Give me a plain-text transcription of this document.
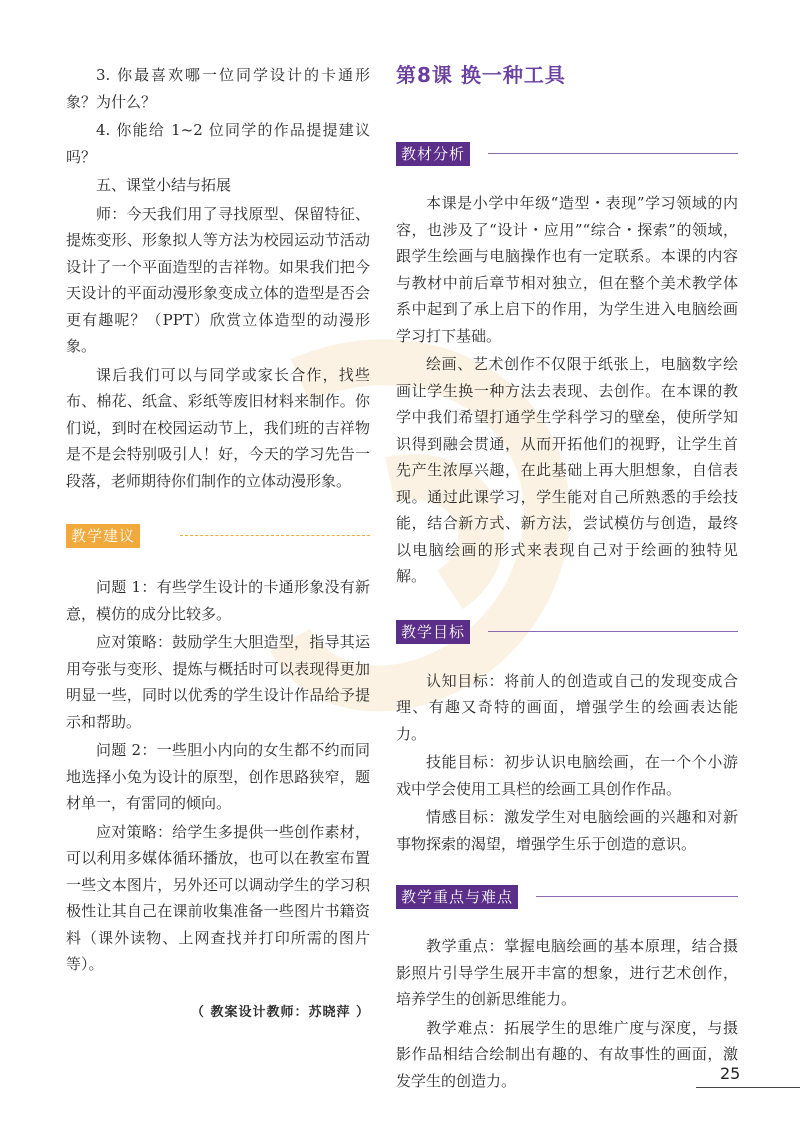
3. 你最喜欢哪一位同学设计的卡通形象？为什么？

4. 你能给 1~2 位同学的作品提提建议吗？

五、课堂小结与拓展

师：今天我们用了寻找原型、保留特征、提炼变形、形象拟人等方法为校园运动节活动设计了一个平面造型的吉祥物。如果我们把今天设计的平面动漫形象变成立体的造型是否会更有趣呢？（PPT）欣赏立体造型的动漫形象。

课后我们可以与同学或家长合作，找些布、棉花、纸盒、彩纸等废旧材料来制作。你们说，到时在校园运动节上，我们班的吉祥物是不是会特别吸引人！好，今天的学习先告一段落，老师期待你们制作的立体动漫形象。

教学建议

问题 1：有些学生设计的卡通形象没有新意，模仿的成分比较多。

应对策略：鼓励学生大胆造型，指导其运用夸张与变形、提炼与概括时可以表现得更加明显一些，同时以优秀的学生设计作品给予提示和帮助。

问题 2：一些胆小内向的女生都不约而同地选择小兔为设计的原型，创作思路狭窄，题材单一，有雷同的倾向。

应对策略：给学生多提供一些创作素材，可以利用多媒体循环播放，也可以在教室布置一些文本图片，另外还可以调动学生的学习积极性让其自己在课前收集准备一些图片书籍资料（课外读物、上网查找并打印所需的图片等）。

（ 教案设计教师：苏晓萍 ）

第8课 换一种工具
教材分析

本课是小学中年级“造型・表现”学习领域的内容，也涉及了“设计・应用”“综合・探索”的领域，跟学生绘画与电脑操作也有一定联系。本课的内容与教材中前后章节相对独立，但在整个美术教学体系中起到了承上启下的作用，为学生进入电脑绘画学习打下基础。

绘画、艺术创作不仅限于纸张上，电脑数字绘画让学生换一种方法去表现、去创作。在本课的教学中我们希望打通学生学科学习的壁垒，使所学知识得到融会贯通，从而开拓他们的视野，让学生首先产生浓厚兴趣，在此基础上再大胆想象，自信表现。通过此课学习，学生能对自己所熟悉的手绘技能，结合新方式、新方法，尝试模仿与创造，最终以电脑绘画的形式来表现自己对于绘画的独特见解。

教学目标

认知目标：将前人的创造或自己的发现变成合理、有趣又奇特的画面，增强学生的绘画表达能力。

技能目标：初步认识电脑绘画，在一个个小游戏中学会使用工具栏的绘画工具创作作品。

情感目标：激发学生对电脑绘画的兴趣和对新事物探索的渴望，增强学生乐于创造的意识。

教学重点与难点

教学重点：掌握电脑绘画的基本原理，结合摄影照片引导学生展开丰富的想象，进行艺术创作，培养学生的创新思维能力。

教学难点：拓展学生的思维广度与深度，与摄影作品相结合绘制出有趣的、有故事性的画面，激发学生的创造力。	25
